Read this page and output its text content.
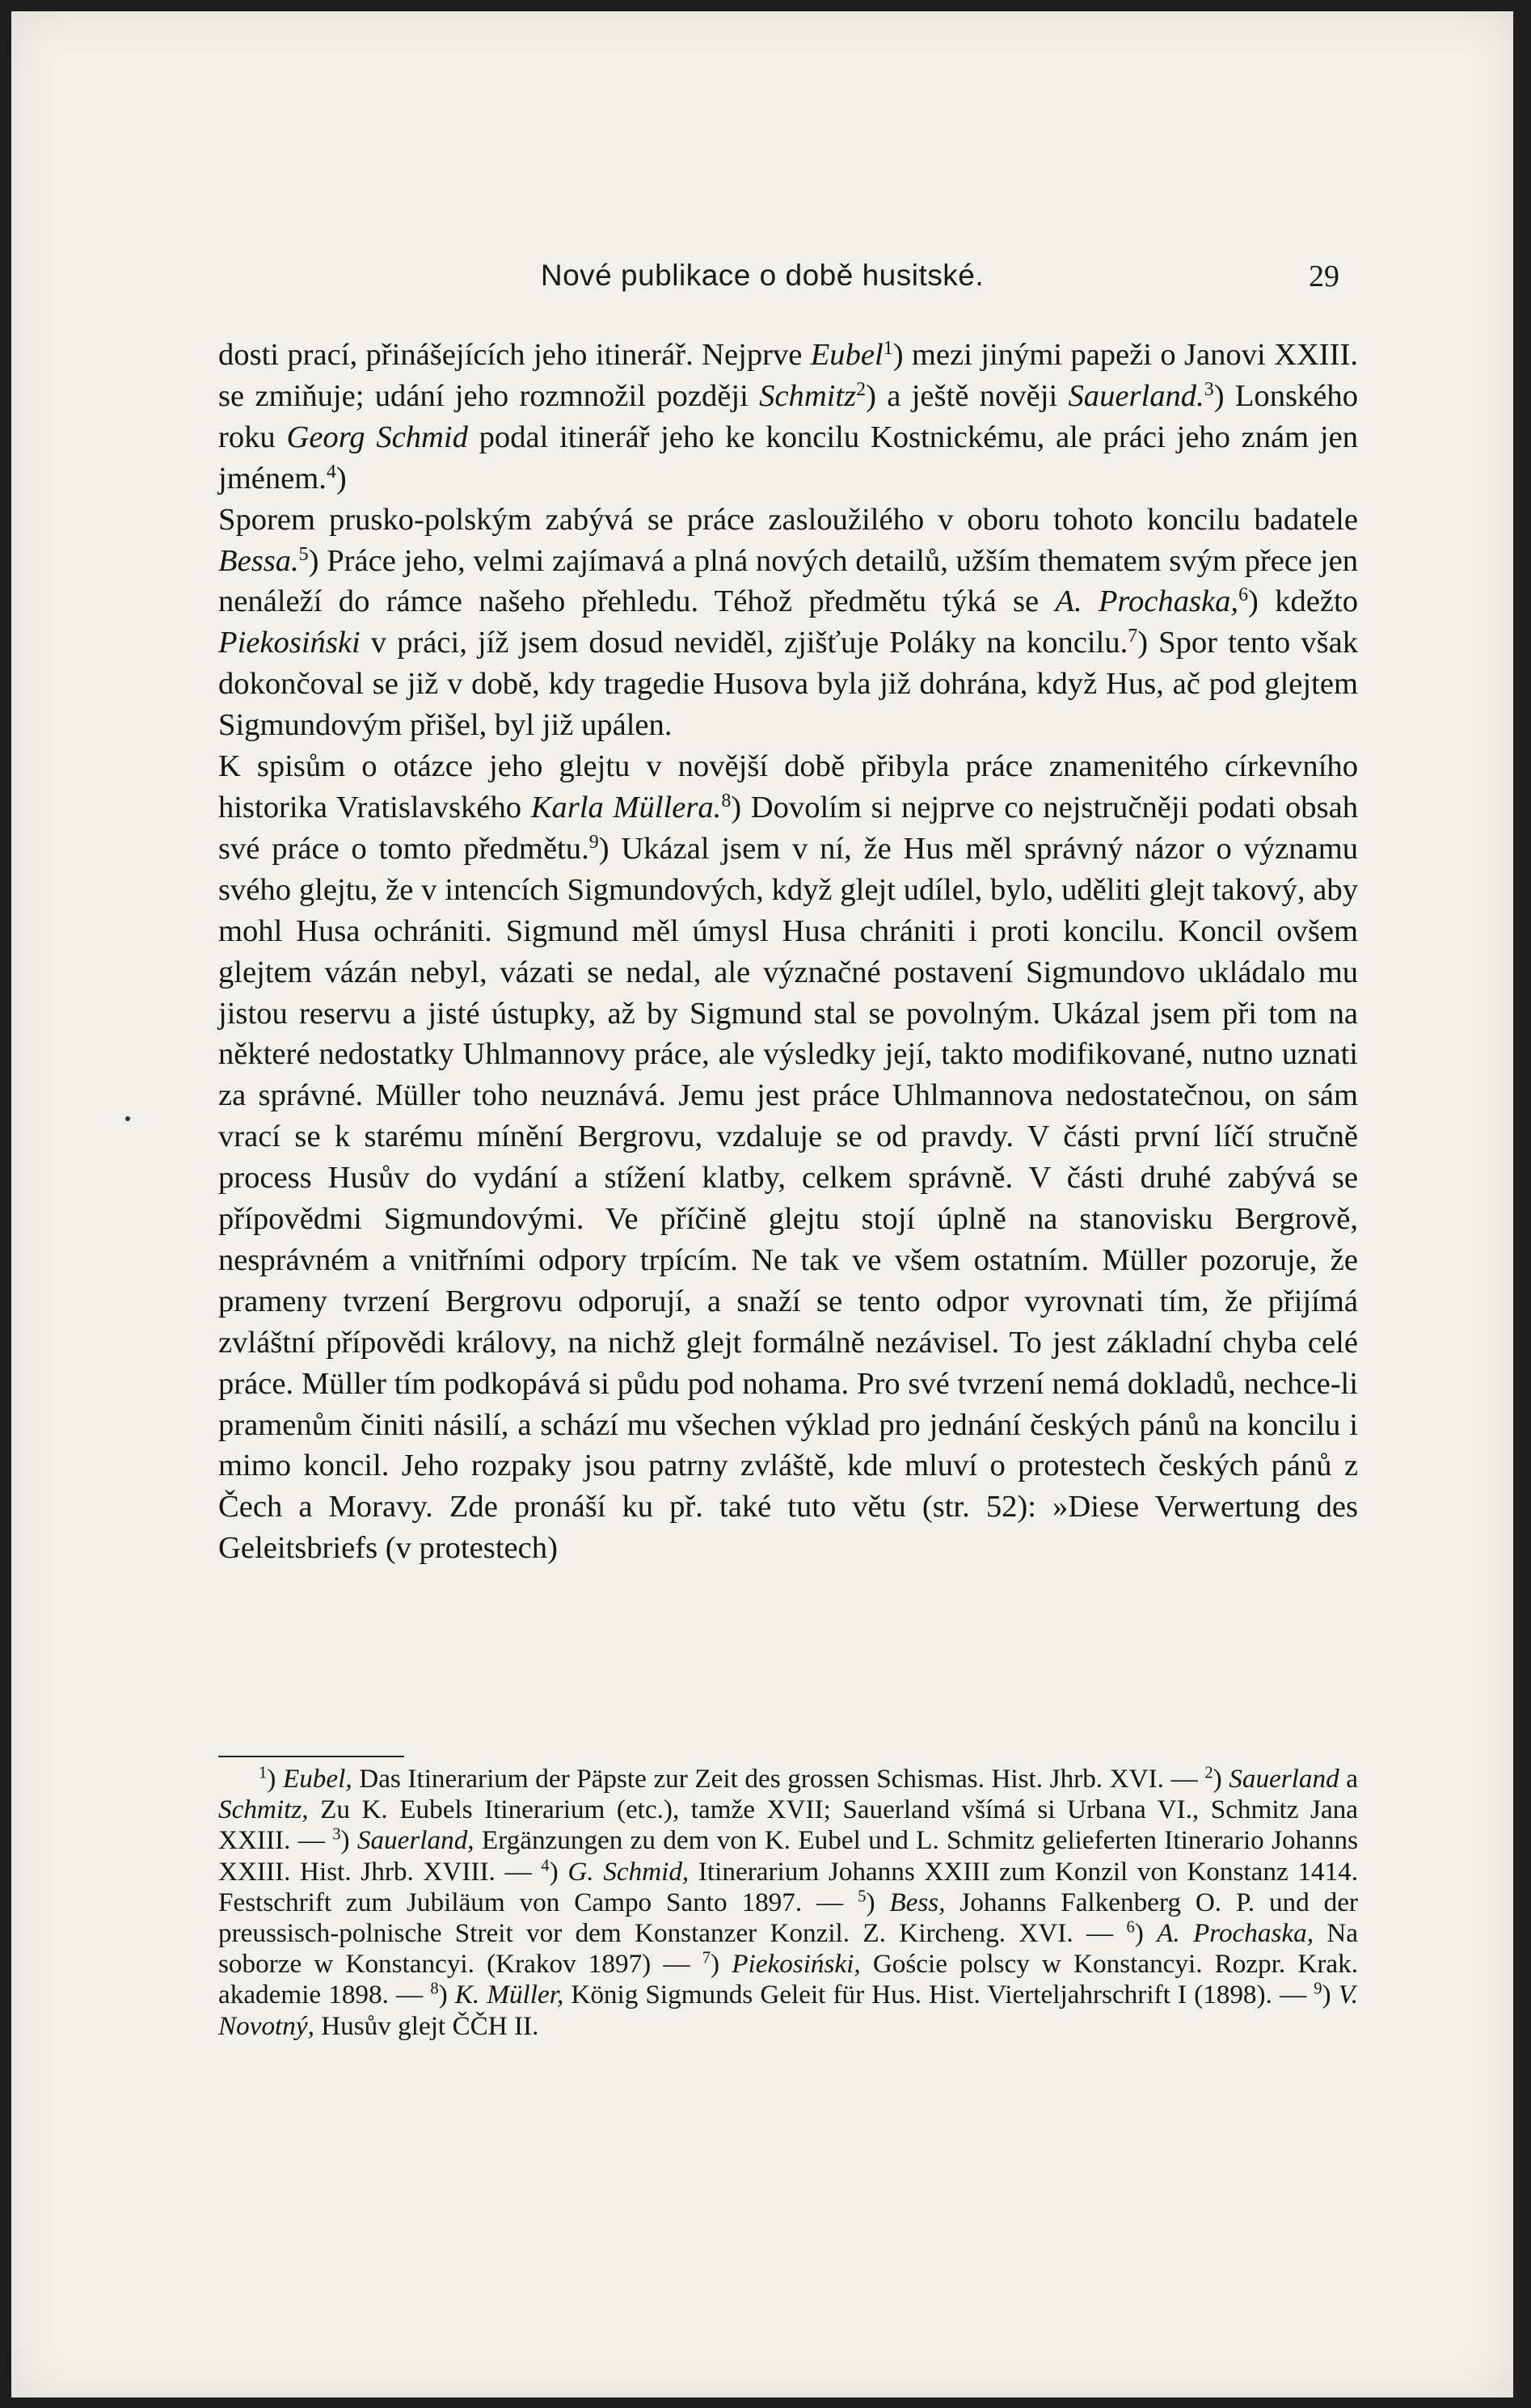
Nové publikace o době husitské.	29

dosti prací, přinášejících jeho itinerář. Nejprve Eubel$^1$) mezi jinými papeži o Janovi XXIII. se zmiňuje; udání jeho rozmnožil později Schmitz$^2$) a ještě nověji Sauerland.$^3$) Lonského roku Georg Schmid podal itinerář jeho ke koncilu Kostnickému, ale práci jeho znám jen jménem.$^4$)

Sporem prusko-polským zabývá se práce zasloužilého v oboru tohoto koncilu badatele Bessa.$^5$) Práce jeho, velmi zajímavá a plná nových detailů, užším thematem svým přece jen nenáleží do rámce našeho přehledu. Téhož předmětu týká se A. Prochaska,$^6$) kdežto Piekosiński v práci, jíž jsem dosud neviděl, zjišťuje Poláky na koncilu.$^7$) Spor tento však dokončoval se již v době, kdy tragedie Husova byla již dohrána, když Hus, ač pod glejtem Sigmundovým přišel, byl již upálen.

K spisům o otázce jeho glejtu v novější době přibyla práce znamenitého církevního historika Vratislavského Karla Müllera.$^8$) Dovolím si nejprve co nejstručněji podati obsah své práce o tomto předmětu.$^9$) Ukázal jsem v ní, že Hus měl správný názor o významu svého glejtu, že v intencích Sigmundových, když glejt udílel, bylo, uděliti glejt takový, aby mohl Husa ochrániti. Sigmund měl úmysl Husa chrániti i proti koncilu. Koncil ovšem glejtem vázán nebyl, vázati se nedal, ale význačné postavení Sigmundovo ukládalo mu jistou reservu a jisté ústupky, až by Sigmund stal se povolným. Ukázal jsem při tom na některé nedostatky Uhlmannovy práce, ale výsledky její, takto modifikované, nutno uznati za správné. Müller toho neuznává. Jemu jest práce Uhlmannova nedostatečnou, on sám vrací se k starému mínění Bergrovu, vzdaluje se od pravdy. V části první líčí stručně process Husův do vydání a stížení klatby, celkem správně. V části druhé zabývá se přípovědmi Sigmundovými. Ve příčině glejtu stojí úplně na stanovisku Bergrově, nesprávném a vnitřními odpory trpícím. Ne tak ve všem ostatním. Müller pozoruje, že prameny tvrzení Bergrovu odporují, a snaží se tento odpor vyrovnati tím, že přijímá zvláštní přípovědi královy, na nichž glejt formálně nezávisel. To jest základní chyba celé práce. Müller tím podkopává si půdu pod nohama. Pro své tvrzení nemá dokladů, nechce-li pramenům činiti násilí, a schází mu všechen výklad pro jednání českých pánů na koncilu i mimo koncil. Jeho rozpaky jsou patrny zvláště, kde mluví o protestech českých pánů z Čech a Moravy. Zde pronáší ku př. také tuto větu (str. 52): »Diese Verwertung des Geleitsbriefs (v protestech)

$^1$) Eubel, Das Itinerarium der Päpste zur Zeit des grossen Schismas. Hist. Jhrb. XVI. — $^2$) Sauerland a Schmitz, Zu K. Eubels Itinerarium (etc.), tamže XVII; Sauerland všímá si Urbana VI., Schmitz Jana XXIII. — $^3$) Sauerland, Ergänzungen zu dem von K. Eubel und L. Schmitz gelieferten Itinerario Johanns XXIII. Hist. Jhrb. XVIII. — $^4$) G. Schmid, Itinerarium Johanns XXIII zum Konzil von Konstanz 1414. Festschrift zum Jubiläum von Campo Santo 1897. — $^5$) Bess, Johanns Falkenberg O. P. und der preussisch-polnische Streit vor dem Konstanzer Konzil. Z. Kircheng. XVI. — $^6$) A. Prochaska, Na soborze w Konstancyi. (Krakov 1897) — $^7$) Piekosiński, Goście polscy w Konstancyi. Rozpr. Krak. akademie 1898. — $^8$) K. Müller, König Sigmunds Geleit für Hus. Hist. Vierteljahrschrift I (1898). — $^9$) V. Novotný, Husův glejt ČČH II.
